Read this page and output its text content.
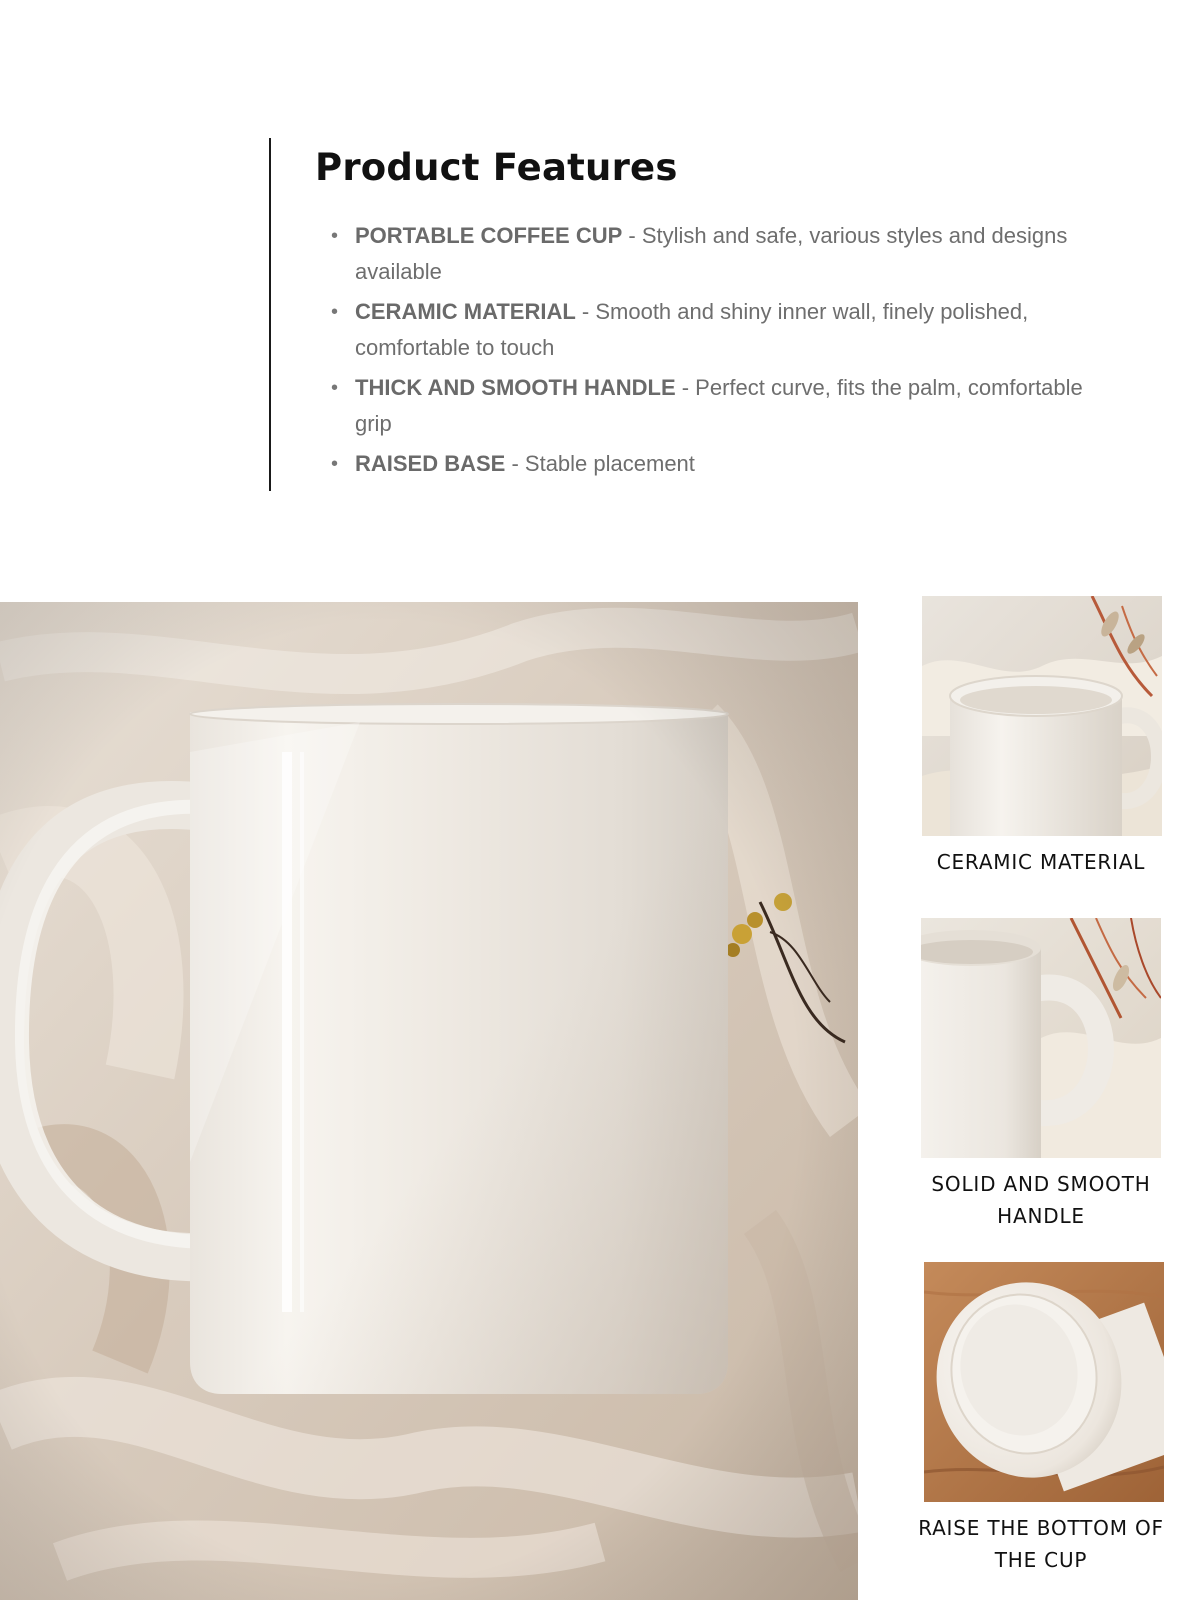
Product Features
• PORTABLE COFFEE CUP - Stylish and safe, various styles and designs available
• CERAMIC MATERIAL - Smooth and shiny inner wall, finely polished, comfortable to touch
• THICK AND SMOOTH HANDLE - Perfect curve, fits the palm, comfortable grip
• RAISED BASE - Stable placement

CERAMIC MATERIAL

SOLID AND SMOOTH HANDLE

RAISE THE BOTTOM OF THE CUP
